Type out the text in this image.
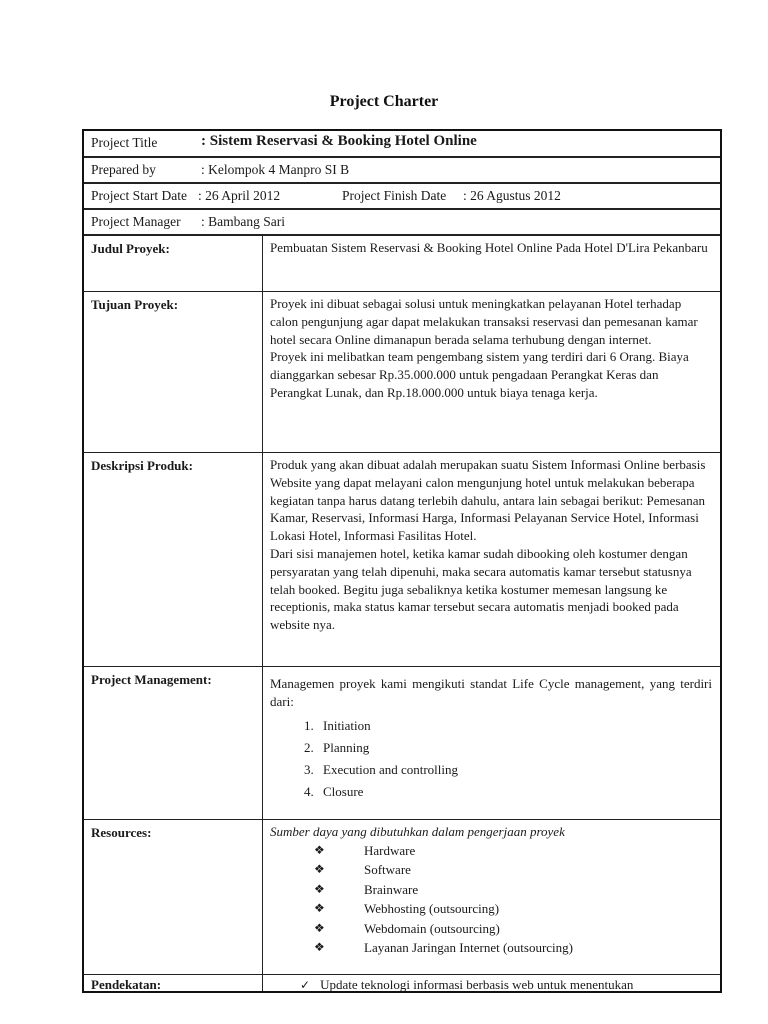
Project Charter
Project Title	: Sistem Reservasi & Booking Hotel Online
Prepared by	: Kelompok 4 Manpro SI B
Project Start Date : 26 April 2012	Project Finish Date : 26 Agustus 2012
Project Manager : Bambang Sari
Judul Proyek:	Pembuatan Sistem Reservasi & Booking Hotel Online Pada Hotel D'Lira Pekanbaru
Tujuan Proyek:	Proyek ini dibuat sebagai solusi untuk meningkatkan pelayanan Hotel terhadap calon pengunjung agar dapat melakukan transaksi reservasi dan pemesanan kamar hotel secara Online dimanapun berada selama terhubung dengan internet.

Proyek ini melibatkan team pengembang sistem yang terdiri dari 6 Orang. Biaya dianggarkan sebesar Rp.35.000.000 untuk pengadaan Perangkat Keras dan Perangkat Lunak, dan Rp.18.000.000 untuk biaya tenaga kerja.

Deskripsi Produk:	Produk yang akan dibuat adalah merupakan suatu Sistem Informasi Online berbasis Website yang dapat melayani calon mengunjung hotel untuk melakukan beberapa kegiatan tanpa harus datang terlebih dahulu, antara lain sebagai berikut: Pemesanan Kamar, Reservasi, Informasi Harga, Informasi Pelayanan Service Hotel, Informasi Lokasi Hotel, Informasi Fasilitas Hotel.

Dari sisi manajemen hotel, ketika kamar sudah dibooking oleh kostumer dengan persyaratan yang telah dipenuhi, maka secara automatis kamar tersebut statusnya telah booked. Begitu juga sebaliknya ketika kostumer memesan langsung ke receptionis, maka status kamar tersebut secara automatis menjadi booked pada website nya.

Project Management:	Managemen proyek kami mengikuti standat Life Cycle management, yang terdiri dari:

1. Initiation
2. Planning
3. Execution and controlling
4. Closure
Resources:	Sumber daya yang dibutuhkan dalam pengerjaan proyek

❖	Hardware
❖	Software
❖	Brainware
❖	Webhosting (outsourcing)
❖	Webdomain (outsourcing)
❖	Layanan Jaringan Internet (outsourcing)
Pendekatan:	✓ Update teknologi informasi berbasis web untuk menentukan
